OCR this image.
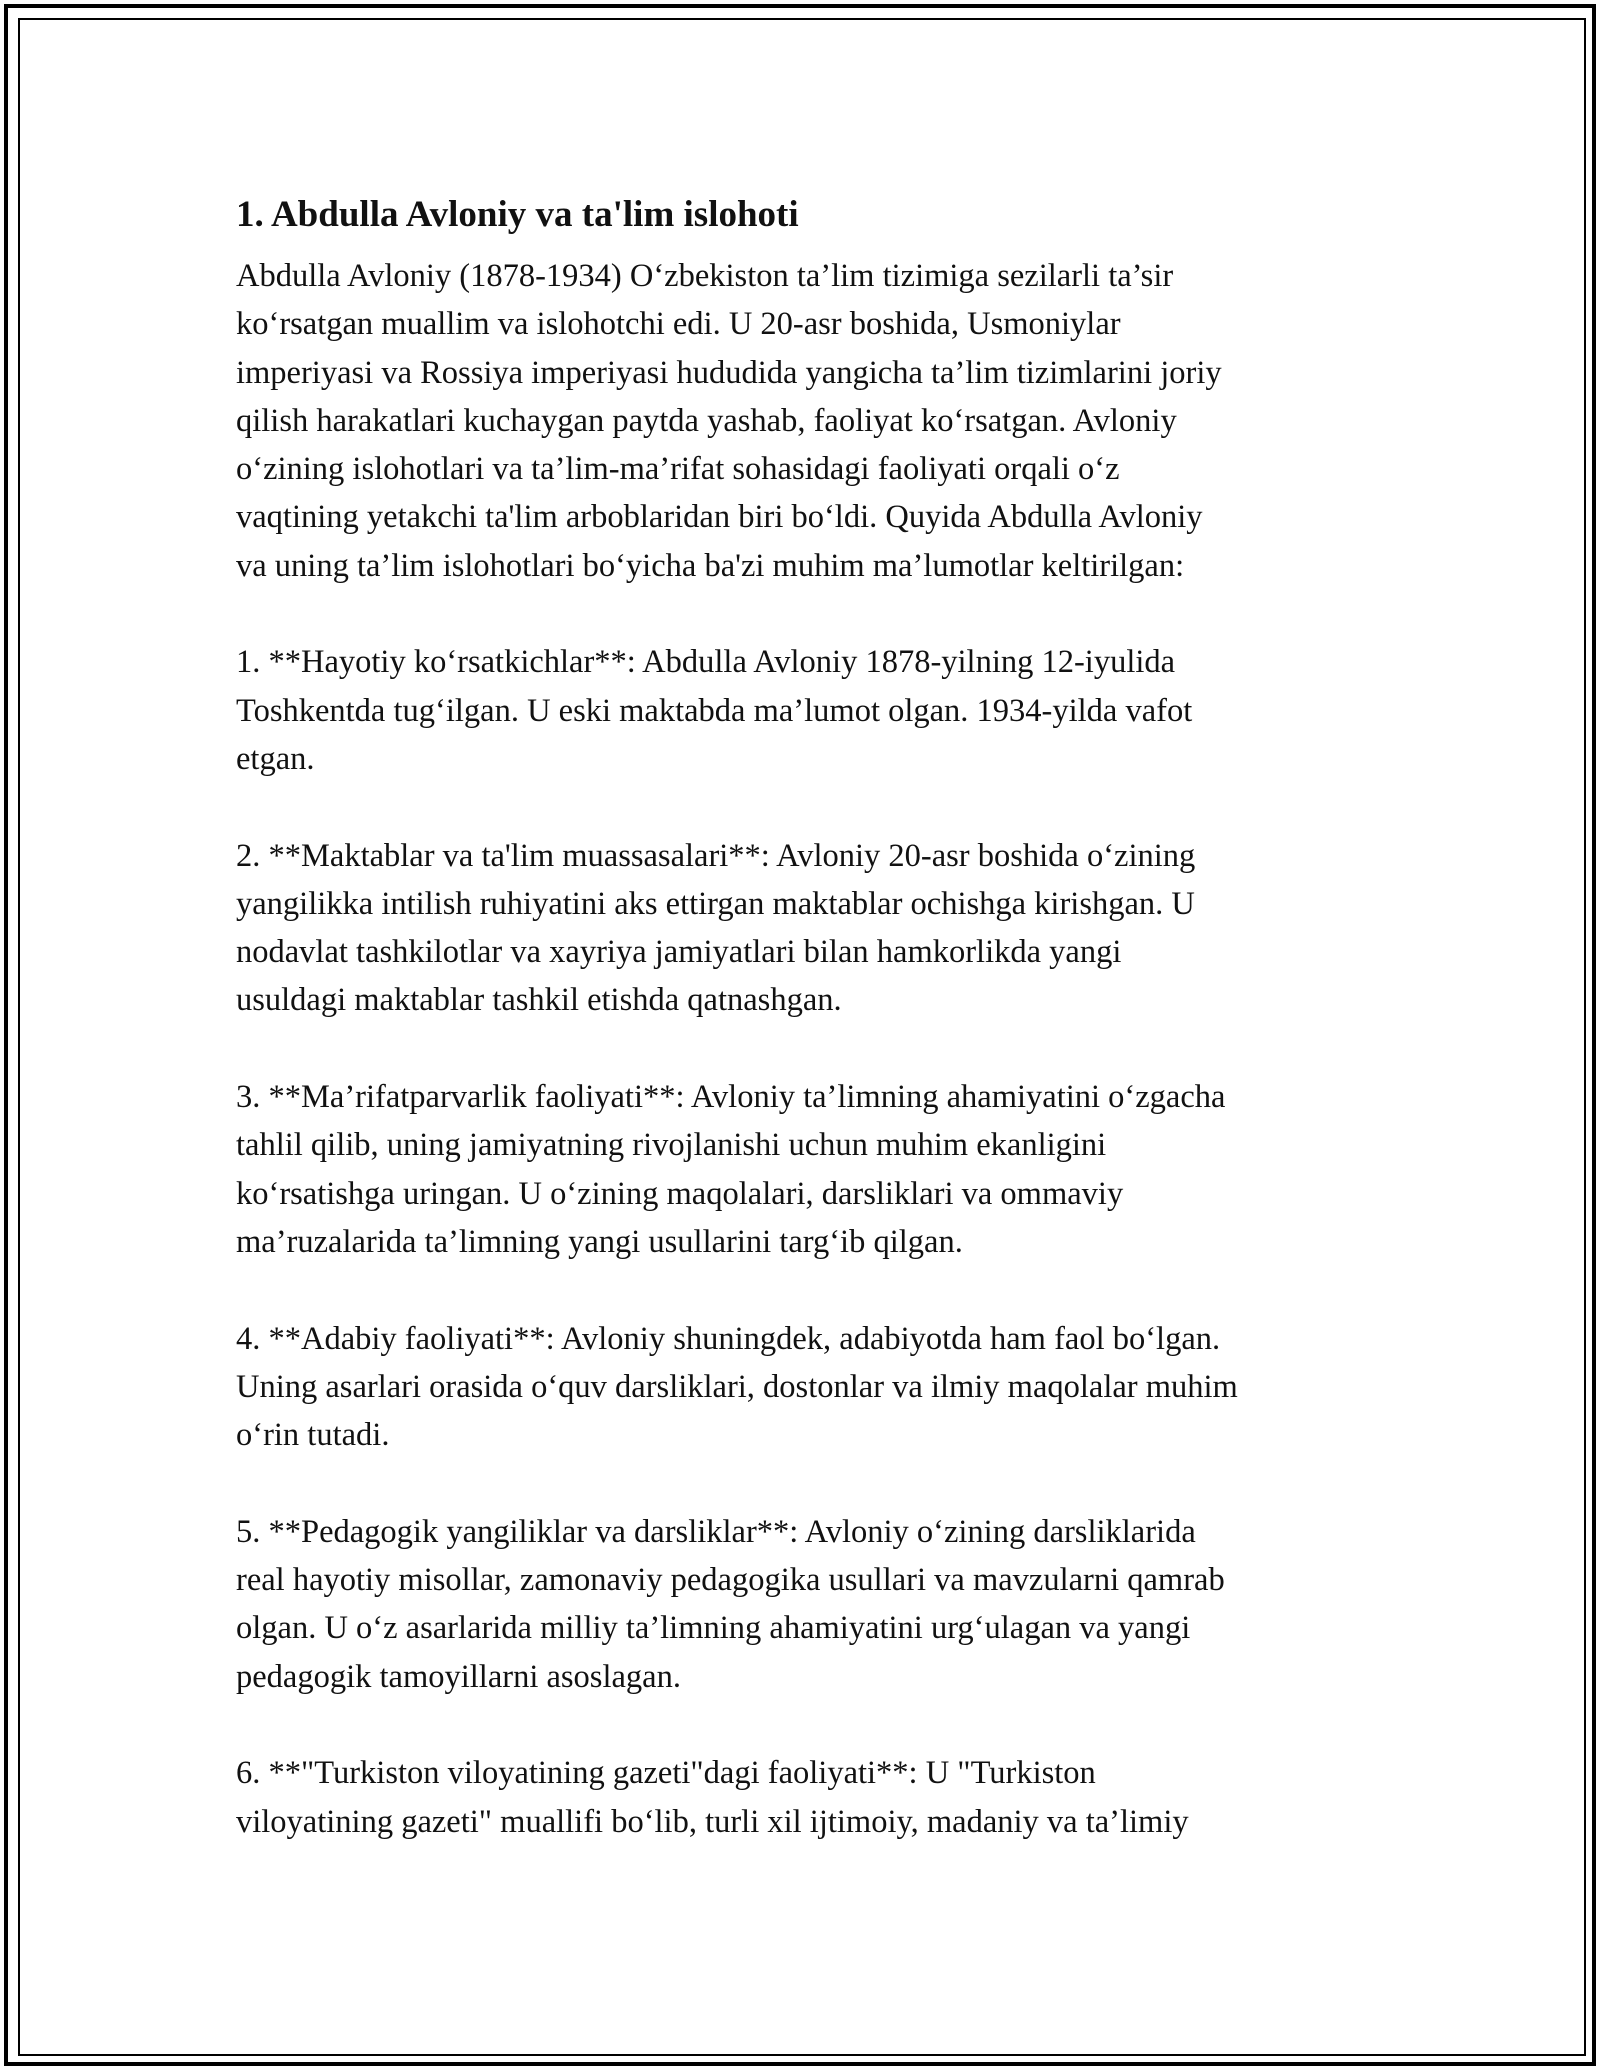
1. Abdulla Avloniy va ta'lim islohoti

Abdulla Avloniy (1878-1934) O‘zbekiston ta’lim tizimiga sezilarli ta’sir
ko‘rsatgan muallim va islohotchi edi. U 20-asr boshida, Usmoniylar
imperiyasi va Rossiya imperiyasi hududida yangicha ta’lim tizimlarini joriy
qilish harakatlari kuchaygan paytda yashab, faoliyat ko‘rsatgan. Avloniy
o‘zining islohotlari va ta’lim-ma’rifat sohasidagi faoliyati orqali o‘z
vaqtining yetakchi ta'lim arboblaridan biri bo‘ldi. Quyida Abdulla Avloniy
va uning ta’lim islohotlari bo‘yicha ba'zi muhim ma’lumotlar keltirilgan:

1. **Hayotiy ko‘rsatkichlar**: Abdulla Avloniy 1878-yilning 12-iyulida
Toshkentda tug‘ilgan. U eski maktabda ma’lumot olgan. 1934-yilda vafot
etgan.

2. **Maktablar va ta'lim muassasalari**: Avloniy 20-asr boshida o‘zining
yangilikka intilish ruhiyatini aks ettirgan maktablar ochishga kirishgan. U
nodavlat tashkilotlar va xayriya jamiyatlari bilan hamkorlikda yangi
usuldagi maktablar tashkil etishda qatnashgan.

3. **Ma’rifatparvarlik faoliyati**: Avloniy ta’limning ahamiyatini o‘zgacha
tahlil qilib, uning jamiyatning rivojlanishi uchun muhim ekanligini
ko‘rsatishga uringan. U o‘zining maqolalari, darsliklari va ommaviy
ma’ruzalarida ta’limning yangi usullarini targ‘ib qilgan.

4. **Adabiy faoliyati**: Avloniy shuningdek, adabiyotda ham faol bo‘lgan.
Uning asarlari orasida o‘quv darsliklari, dostonlar va ilmiy maqolalar muhim
o‘rin tutadi.

5. **Pedagogik yangiliklar va darsliklar**: Avloniy o‘zining darsliklarida
real hayotiy misollar, zamonaviy pedagogika usullari va mavzularni qamrab
olgan. U o‘z asarlarida milliy ta’limning ahamiyatini urg‘ulagan va yangi
pedagogik tamoyillarni asoslagan.

6. **"Turkiston viloyatining gazeti"dagi faoliyati**: U "Turkiston
viloyatining gazeti" muallifi bo‘lib, turli xil ijtimoiy, madaniy va ta’limiy
